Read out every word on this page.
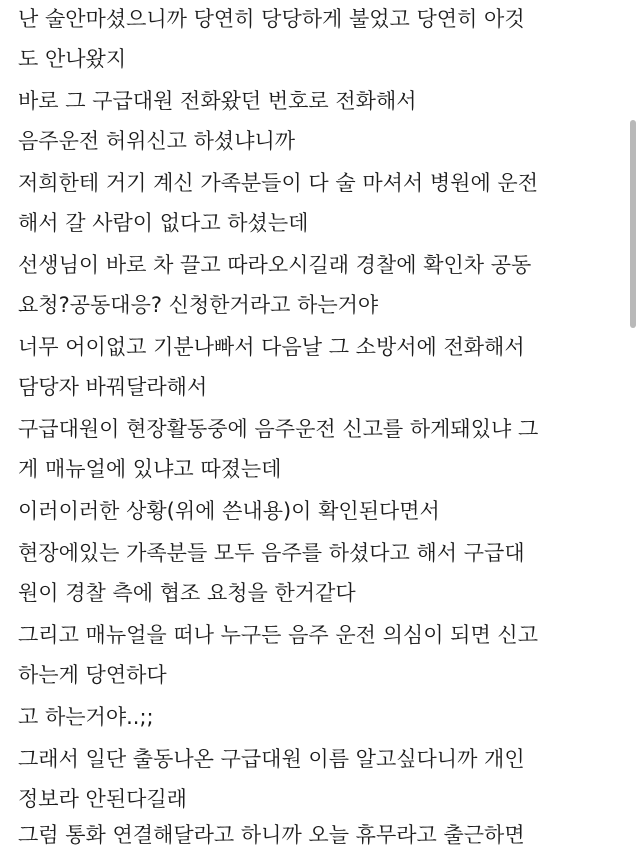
난 술안마셨으니까 당연히 당당하게 불었고 당연히 아것

도 안나왔지

바로 그 구급대원 전화왔던 번호로 전화해서

음주운전 허위신고 하셨냐니까

저희한테 거기 계신 가족분들이 다 술 마셔서 병원에 운전

해서 갈 사람이 없다고 하셨는데

선생님이 바로 차 끌고 따라오시길래 경찰에 확인차 공동

요청?공동대응? 신청한거라고 하는거야

너무 어이없고 기분나빠서 다음날 그 소방서에 전화해서

담당자 바꿔달라해서

구급대원이 현장활동중에 음주운전 신고를 하게돼있냐 그

게 매뉴얼에 있냐고 따졌는데

이러이러한 상황(위에 쓴내용)이 확인된다면서

현장에있는 가족분들 모두 음주를 하셨다고 해서 구급대

원이 경찰 측에 협조 요청을 한거같다

그리고 매뉴얼을 떠나 누구든 음주 운전 의심이 되면 신고

하는게 당연하다

고 하는거야..;;

그래서 일단 출동나온 구급대원 이름 알고싶다니까 개인

정보라 안된다길래

그럼 통화 연결해달라고 하니까 오늘 휴무라고 출근하면
